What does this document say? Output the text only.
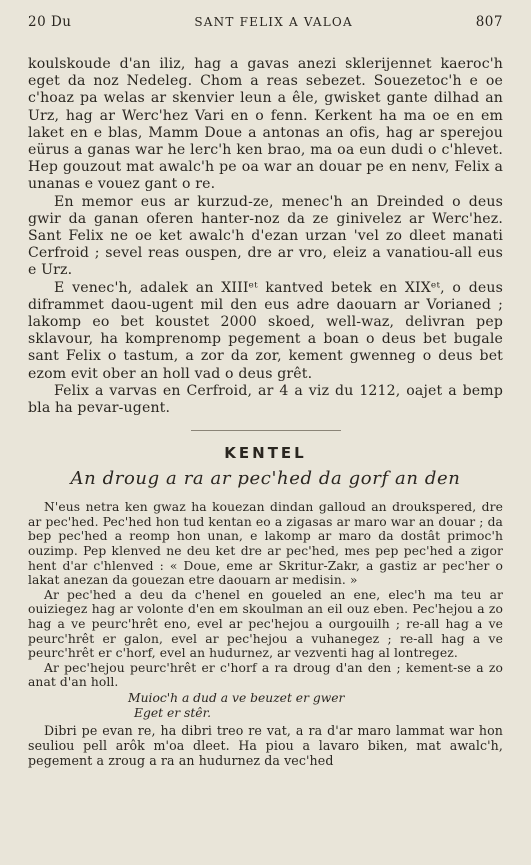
20 Du	SANT FELIX A VALOA	807

koulskoude d'an iliz, hag a gavas anezi sklerijennet kaeroc'h eget da noz Nedeleg. Chom a reas sebezet. Souezetoc'h e oe c'hoaz pa welas ar skenvier leun a êle, gwisket gante dilhad an Urz, hag ar Werc'hez Vari en o fenn. Kerkent ha ma oe en em laket en e blas, Mamm Doue a antonas an ofis, hag ar sperejou eürus a ganas war he lerc'h ken brao, ma oa eun dudi o c'hlevet. Hep gouzout mat awalc'h pe oa war an douar pe en nenv, Felix a unanas e vouez gant o re.

En memor eus ar kurzud-ze, menec'h an Dreinded o deus gwir da ganan oferen hanter-noz da ze ginivelez ar Werc'hez. Sant Felix ne oe ket awalc'h d'ezan urzan 'vel zo dleet manati Cerfroid ; sevel reas ouspen, dre ar vro, eleiz a vanatiou-all eus e Urz.

E venec'h, adalek an XIIIᵉᵗ kantved betek en XIXᵉᵗ, o deus diframmet daou-ugent mil den eus adre daouarn ar Vorianed ; lakomp eo bet koustet 2000 skoed, well-waz, delivran pep sklavour, ha komprenomp pegement a boan o deus bet bugale sant Felix o tastum, a zor da zor, kement gwenneg o deus bet ezom evit ober an holl vad o deus grêt.

Felix a varvas en Cerfroid, ar 4 a viz du 1212, oajet a bemp bla ha pevar-ugent.

KENTEL
An droug a ra ar pec'hed da gorf an den

N'eus netra ken gwaz ha kouezan dindan galloud an droukspered, dre ar pec'hed. Pec'hed hon tud kentan eo a zigasas ar maro war an douar ; da bep pec'hed a reomp hon unan, e lakomp ar maro da dostât primoc'h ouzimp. Pep klenved ne deu ket dre ar pec'hed, mes pep pec'hed a zigor hent d'ar c'hlenved : « Doue, eme ar Skritur-Zakr, a gastiz ar pec'her o lakat anezan da gouezan etre daouarn ar medisin. »

Ar pec'hed a deu da c'henel en goueled an ene, elec'h ma teu ar ouiziegez hag ar volonte d'en em skoulman an eil ouz eben. Pec'hejou a zo hag a ve peurc'hrêt eno, evel ar pec'hejou a ourgouilh ; re-all hag a ve peurc'hrêt er galon, evel ar pec'hejou a vuhanegez ; re-all hag a ve peurc'hrêt er c'horf, evel an hudurnez, ar vezventi hag al lontregez.

Ar pec'hejou peurc'hrêt er c'horf a ra droug d'an den ; kement-se a zo anat d'an holl.

Muioc'h a dud a ve beuzet er gwer
Eget er stêr.

Dibri pe evan re, ha dibri treo re vat, a ra d'ar maro lammat war hon seuliou pell arôk m'oa dleet. Ha piou a lavaro biken, mat awalc'h, pegement a zroug a ra an hudurnez da vec'hed
